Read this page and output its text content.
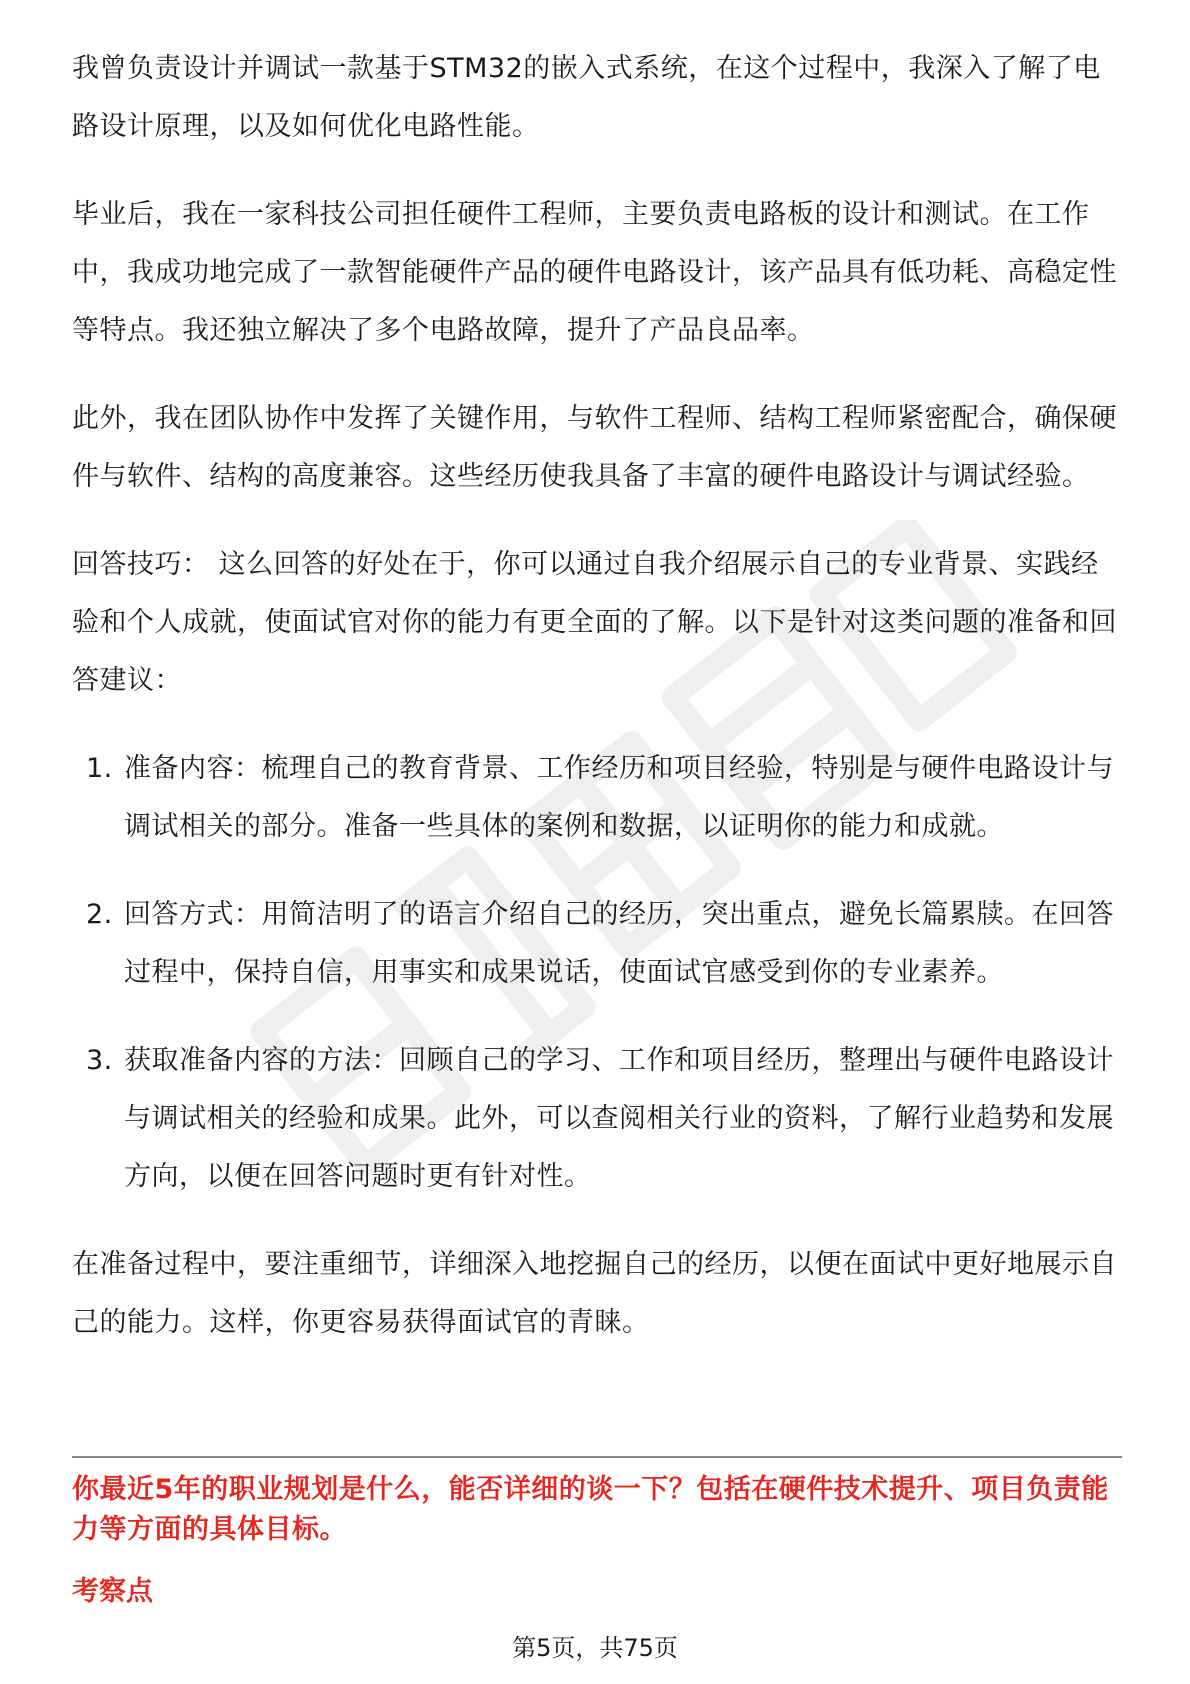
我曾负责设计并调试一款基于STM32的嵌入式系统，在这个过程中，我深入了解了电路设计原理，以及如何优化电路性能。

毕业后，我在一家科技公司担任硬件工程师，主要负责电路板的设计和测试。在工作中，我成功地完成了一款智能硬件产品的硬件电路设计，该产品具有低功耗、高稳定性等特点。我还独立解决了多个电路故障，提升了产品良品率。

此外，我在团队协作中发挥了关键作用，与软件工程师、结构工程师紧密配合，确保硬件与软件、结构的高度兼容。这些经历使我具备了丰富的硬件电路设计与调试经验。

回答技巧： 这么回答的好处在于，你可以通过自我介绍展示自己的专业背景、实践经验和个人成就，使面试官对你的能力有更全面的了解。以下是针对这类问题的准备和回答建议：

1. 准备内容：梳理自己的教育背景、工作经历和项目经验，特别是与硬件电路设计与调试相关的部分。准备一些具体的案例和数据，以证明你的能力和成就。
2. 回答方式：用简洁明了的语言介绍自己的经历，突出重点，避免长篇累牍。在回答过程中，保持自信，用事实和成果说话，使面试官感受到你的专业素养。
3. 获取准备内容的方法：回顾自己的学习、工作和项目经历，整理出与硬件电路设计与调试相关的经验和成果。此外，可以查阅相关行业的资料，了解行业趋势和发展方向，以便在回答问题时更有针对性。

在准备过程中，要注重细节，详细深入地挖掘自己的经历，以便在面试中更好地展示自己的能力。这样，你更容易获得面试官的青睐。

你最近5年的职业规划是什么，能否详细的谈一下？包括在硬件技术提升、项目负责能力等方面的具体目标。
考察点
第5页，共75页
